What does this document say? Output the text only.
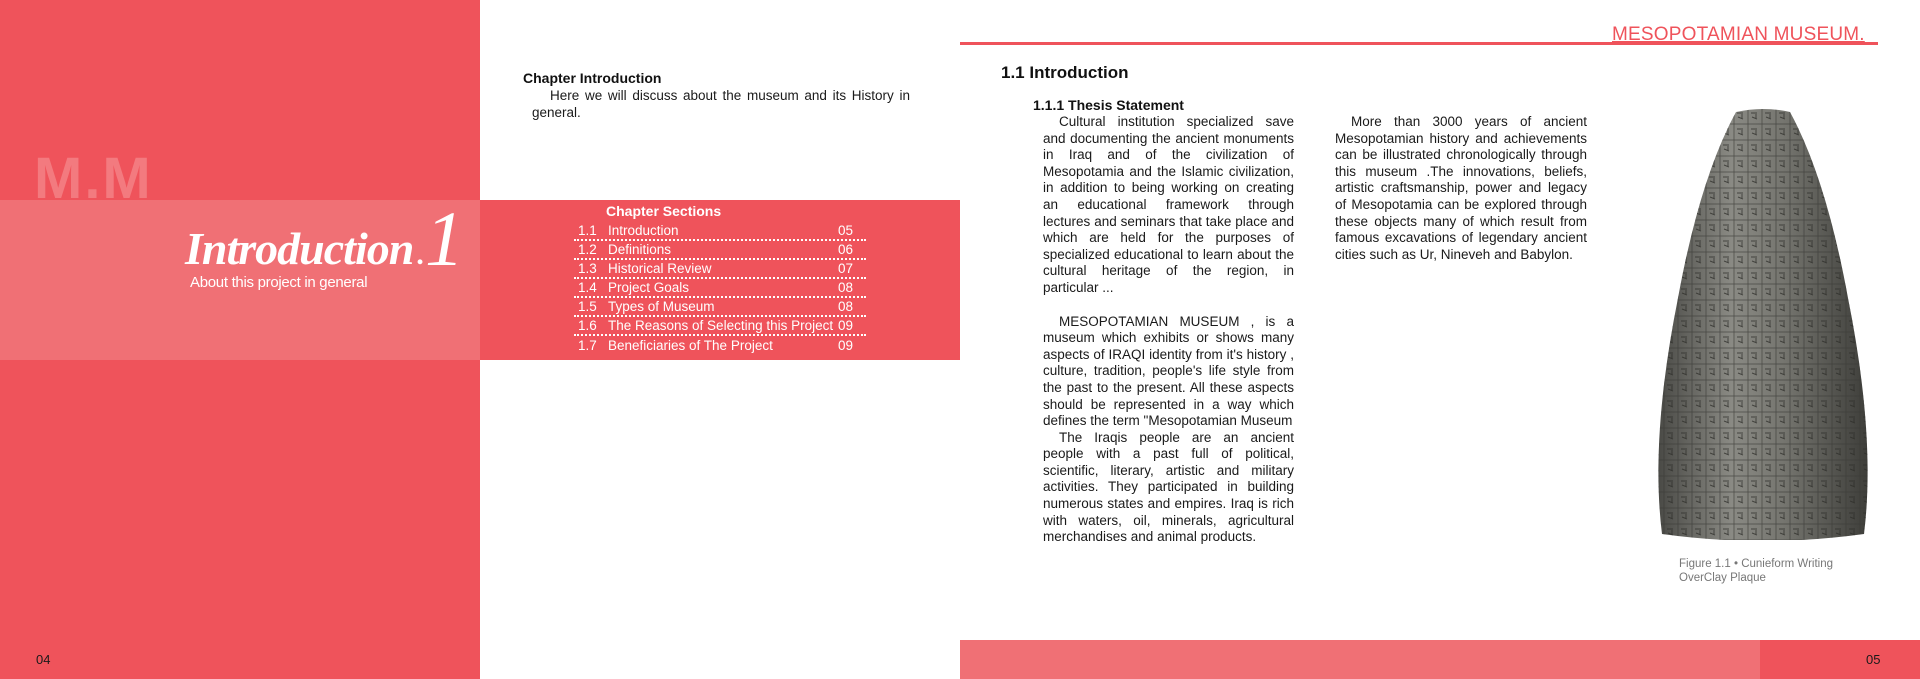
M.M
Introduction . 1
About this project in general
04
Chapter Introduction
Here we will discuss about the museum and its History in general.
Chapter Sections
1.1 Introduction	05
1.2 Definitions	06
1.3 Historical Review	07
1.4 Project Goals	08
1.5 Types of Museum	08
1.6 The Reasons of Selecting this Project 09
1.7 Beneficiaries of The Project	09
MESOPOTAMIAN MUSEUM.
1.1 Introduction
1.1.1 Thesis Statement

Cultural institution specialized save and documenting the ancient monuments in Iraq and of the civilization of Mesopotamia and the Islamic civilization, in addition to being working on creating an educational framework through lectures and seminars that take place and which are held for the purposes of specialized educational to learn about the cultural heritage of the region, in particular ...

MESOPOTAMIAN MUSEUM , is a museum which exhibits or shows many aspects of IRAQI identity from it's history , culture, tradition, people's life style from the past to the present. All these aspects should be represented in a way which defines the term "Mesopotamian Museum

The Iraqis people are an ancient people with a past full of political, scientific, literary, artistic and military activities. They participated in building numerous states and empires. Iraq is rich with waters, oil, minerals, agricultural merchandises and animal products.

More than 3000 years of ancient Mesopotamian history and achievements can be illustrated chronologically through this museum .The innovations, beliefs, artistic craftsmanship, power and legacy of Mesopotamia can be explored through these objects many of which result from famous excavations of legendary ancient cities such as Ur, Nineveh and Babylon.

Figure 1.1 • Cunieform Writing
OverClay Plaque
05
